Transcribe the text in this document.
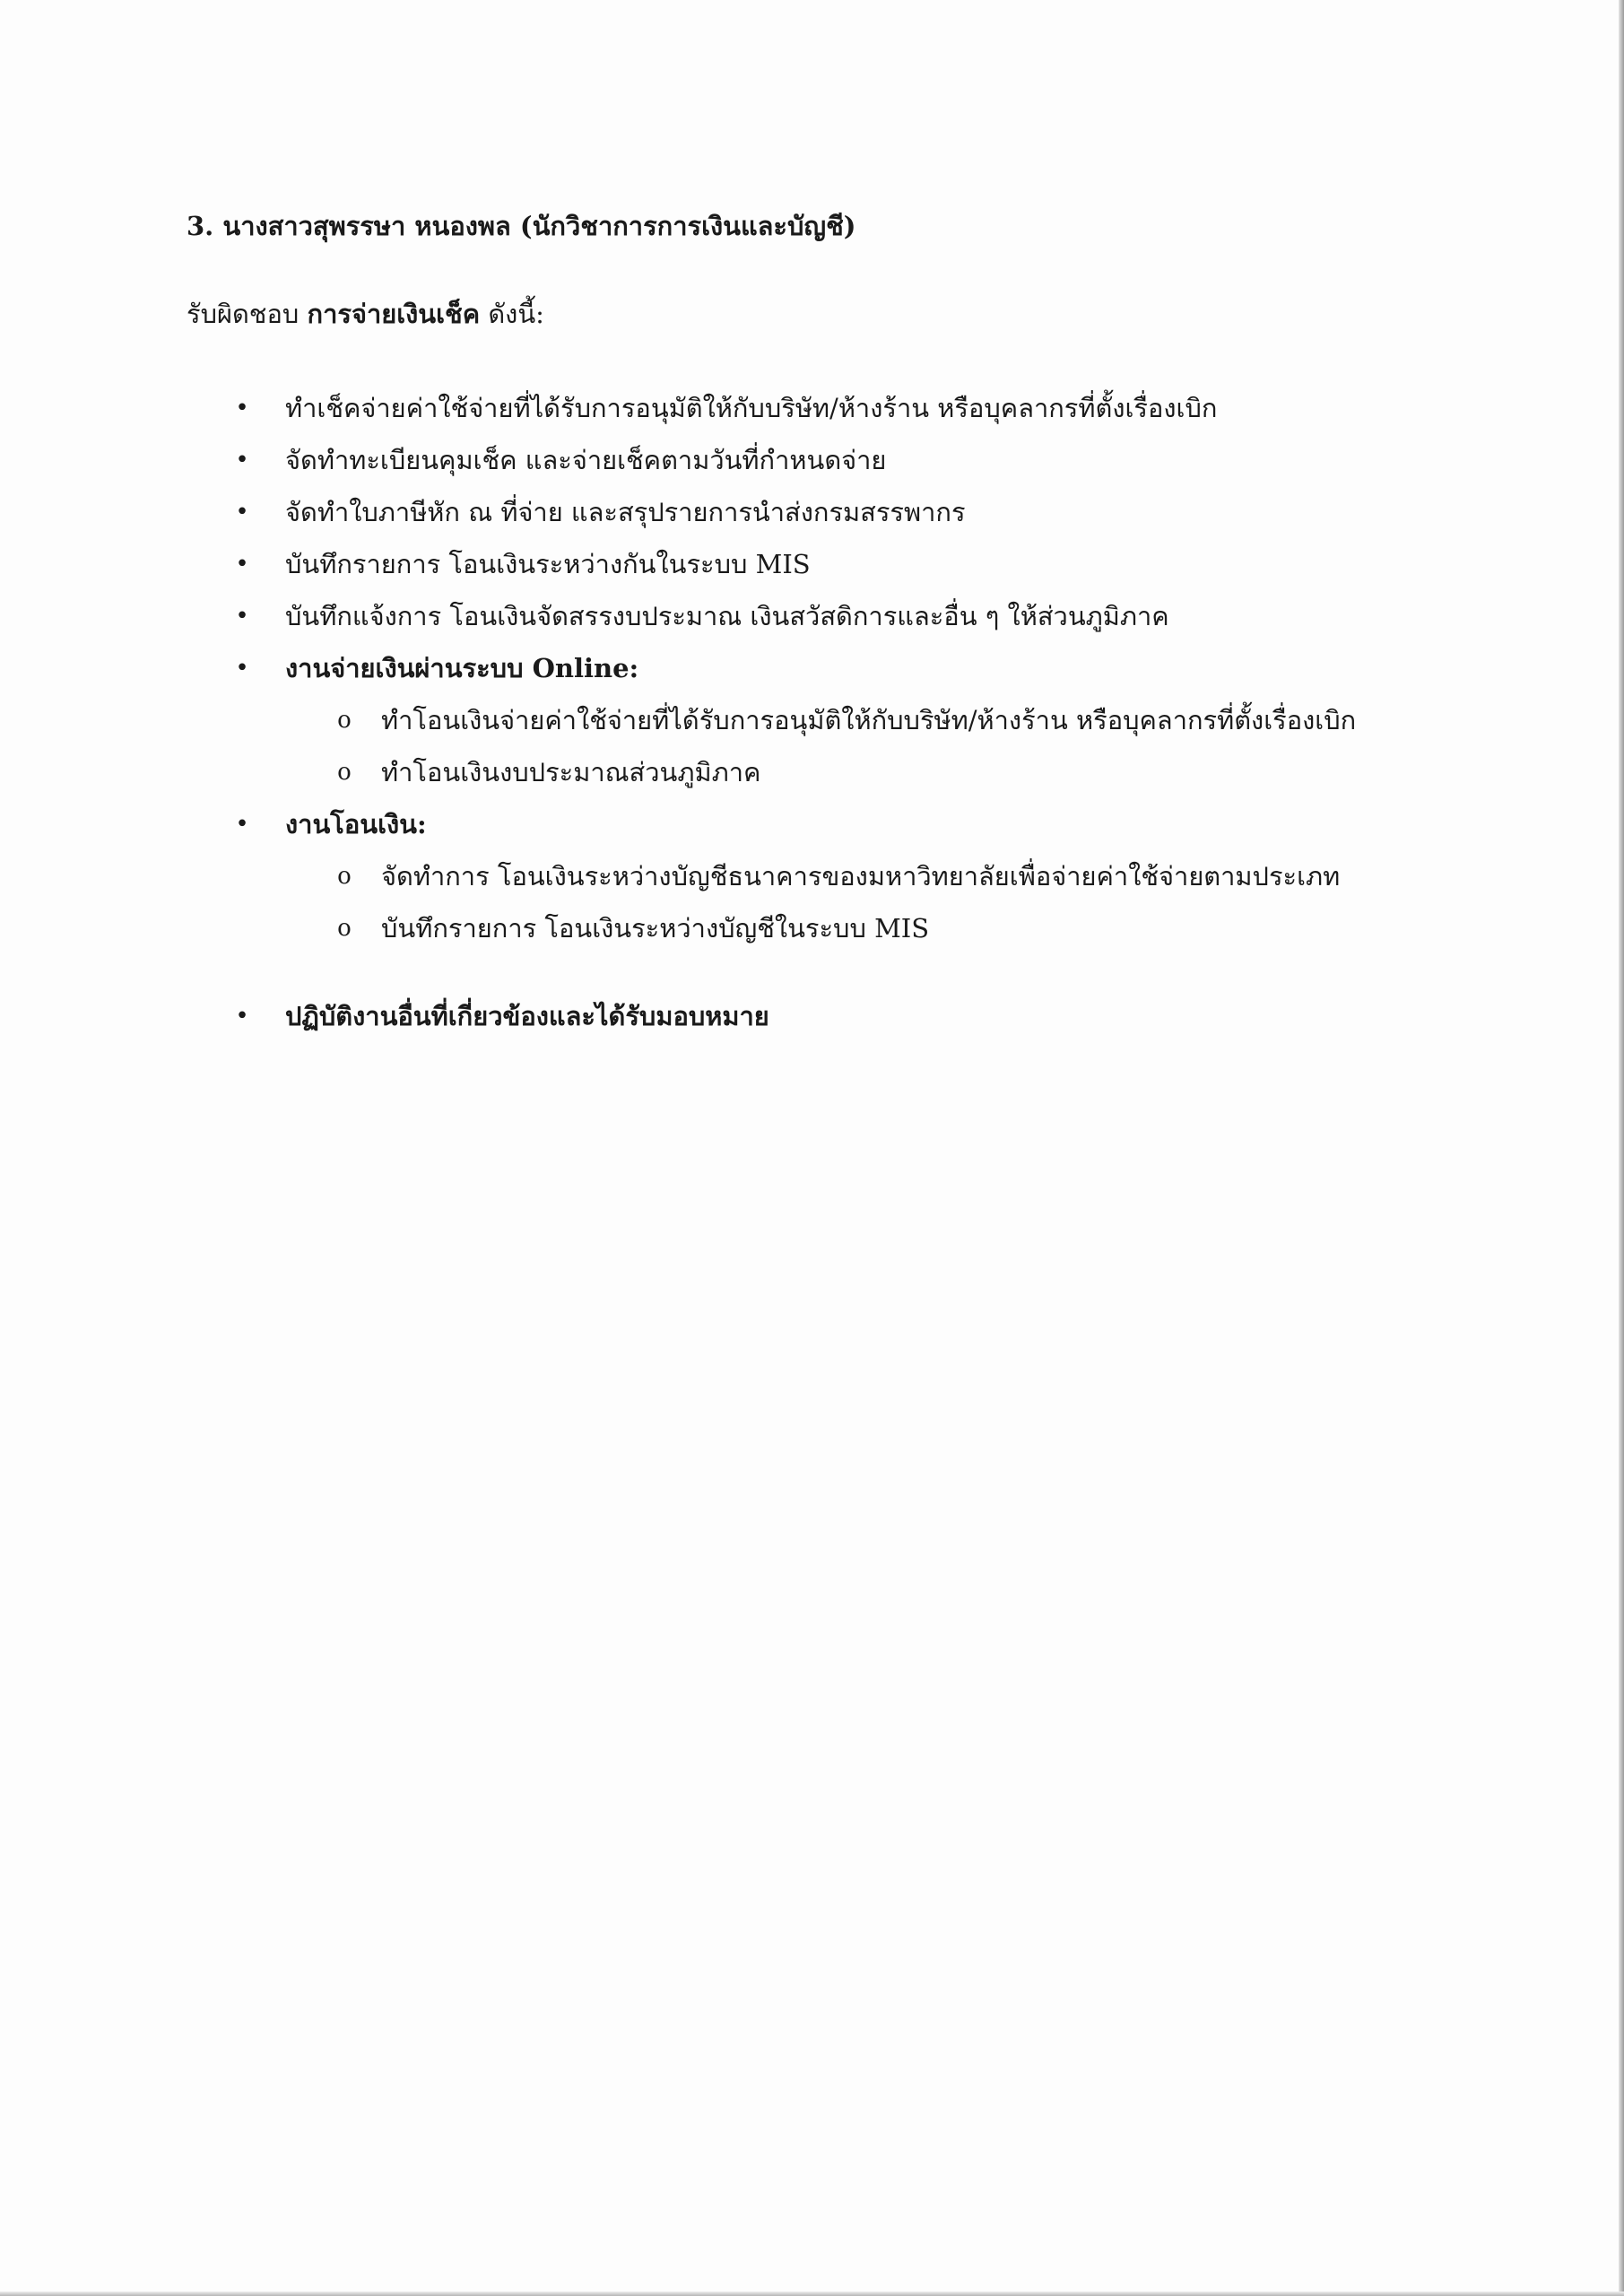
3. นางสาวสุพรรษา หนองพล (นักวิชาการการเงินและบัญชี)

รับผิดชอบ การจ่ายเงินเช็ค ดังนี้:

• ทำเช็คจ่ายค่าใช้จ่ายที่ได้รับการอนุมัติให้กับบริษัท/ห้างร้าน หรือบุคลากรที่ตั้งเรื่องเบิก
• จัดทำทะเบียนคุมเช็ค และจ่ายเช็คตามวันที่กำหนดจ่าย
• จัดทำใบภาษีหัก ณ ที่จ่าย และสรุปรายการนำส่งกรมสรรพากร
• บันทึกรายการ โอนเงินระหว่างกันในระบบ MIS
• บันทึกแจ้งการ โอนเงินจัดสรรงบประมาณ เงินสวัสดิการและอื่น ๆ ให้ส่วนภูมิภาค
• งานจ่ายเงินผ่านระบบ Online:
o ทำโอนเงินจ่ายค่าใช้จ่ายที่ได้รับการอนุมัติให้กับบริษัท/ห้างร้าน หรือบุคลากรที่ตั้งเรื่องเบิก
o ทำโอนเงินงบประมาณส่วนภูมิภาค
• งานโอนเงิน:
o จัดทำการ โอนเงินระหว่างบัญชีธนาคารของมหาวิทยาลัยเพื่อจ่ายค่าใช้จ่ายตามประเภท
o บันทึกรายการ โอนเงินระหว่างบัญชีในระบบ MIS
• ปฏิบัติงานอื่นที่เกี่ยวข้องและได้รับมอบหมาย
